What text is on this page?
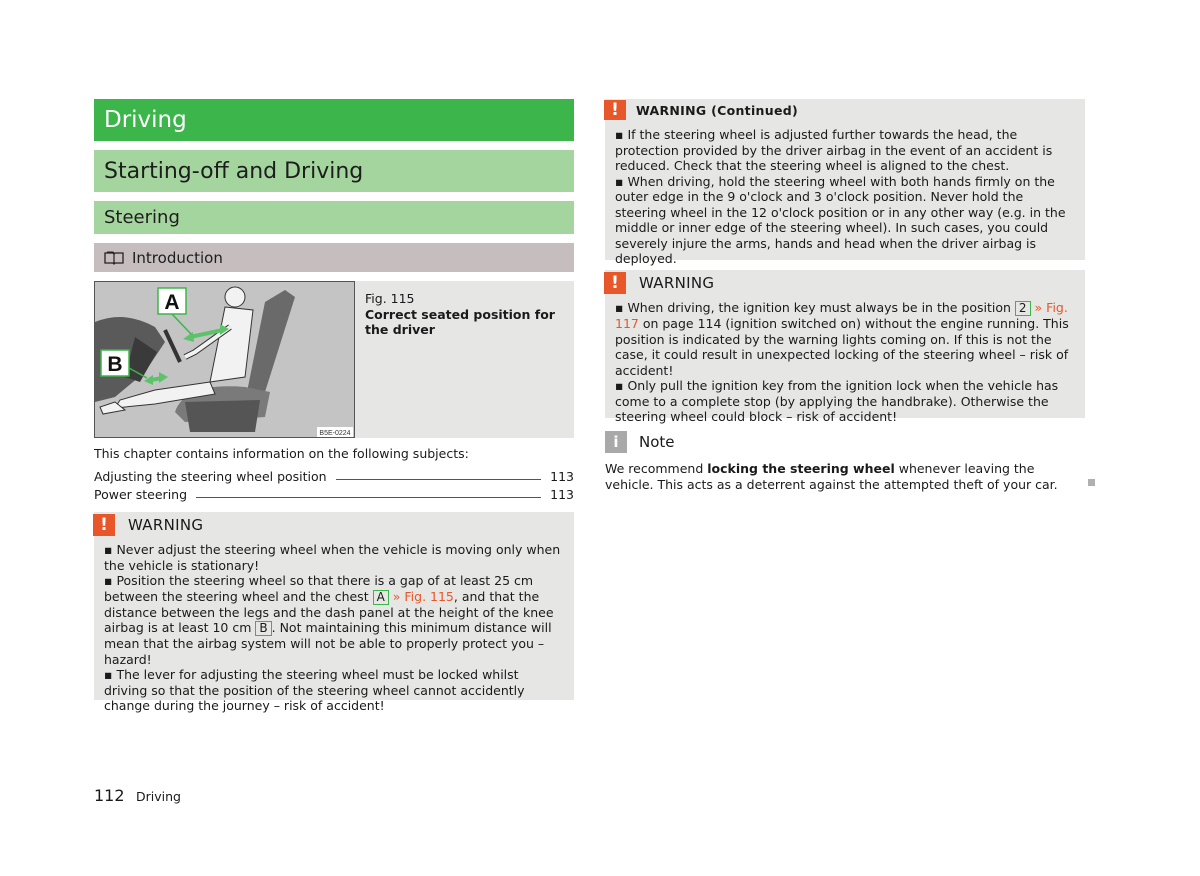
Driving
Starting-off and Driving
Steering
Introduction
A
B
B5E-0224
Fig. 115
Correct seated position for the driver
This chapter contains information on the following subjects:
Adjusting the steering wheel position	113
Power steering	113
!	WARNING
▪ Never adjust the steering wheel when the vehicle is moving only when the vehicle is stationary!
▪ Position the steering wheel so that there is a gap of at least 25 cm between the steering wheel and the chest A » Fig. 115, and that the distance between the legs and the dash panel at the height of the knee airbag is at least 10 cm B . Not maintaining this minimum distance will mean that the airbag system will not be able to properly protect you – hazard!
▪ The lever for adjusting the steering wheel must be locked whilst driving so that the position of the steering wheel cannot accidently change during the journey – risk of accident!
!	WARNING (Continued)
▪ If the steering wheel is adjusted further towards the head, the protection provided by the driver airbag in the event of an accident is reduced. Check that the steering wheel is aligned to the chest.
▪ When driving, hold the steering wheel with both hands firmly on the outer edge in the 9 o'clock and 3 o'clock position. Never hold the steering wheel in the 12 o'clock position or in any other way (e.g. in the middle or inner edge of the steering wheel). In such cases, you could severely injure the arms, hands and head when the driver airbag is deployed.
!	WARNING
▪ When driving, the ignition key must always be in the position 2 » Fig. 117 on page 114 (ignition switched on) without the engine running. This position is indicated by the warning lights coming on. If this is not the case, it could result in unexpected locking of the steering wheel – risk of accident!
▪ Only pull the ignition key from the ignition lock when the vehicle has come to a complete stop (by applying the handbrake). Otherwise the steering wheel could block – risk of accident!
i	Note
We recommend locking the steering wheel whenever leaving the vehicle. This acts as a deterrent against the attempted theft of your car.
112 Driving
